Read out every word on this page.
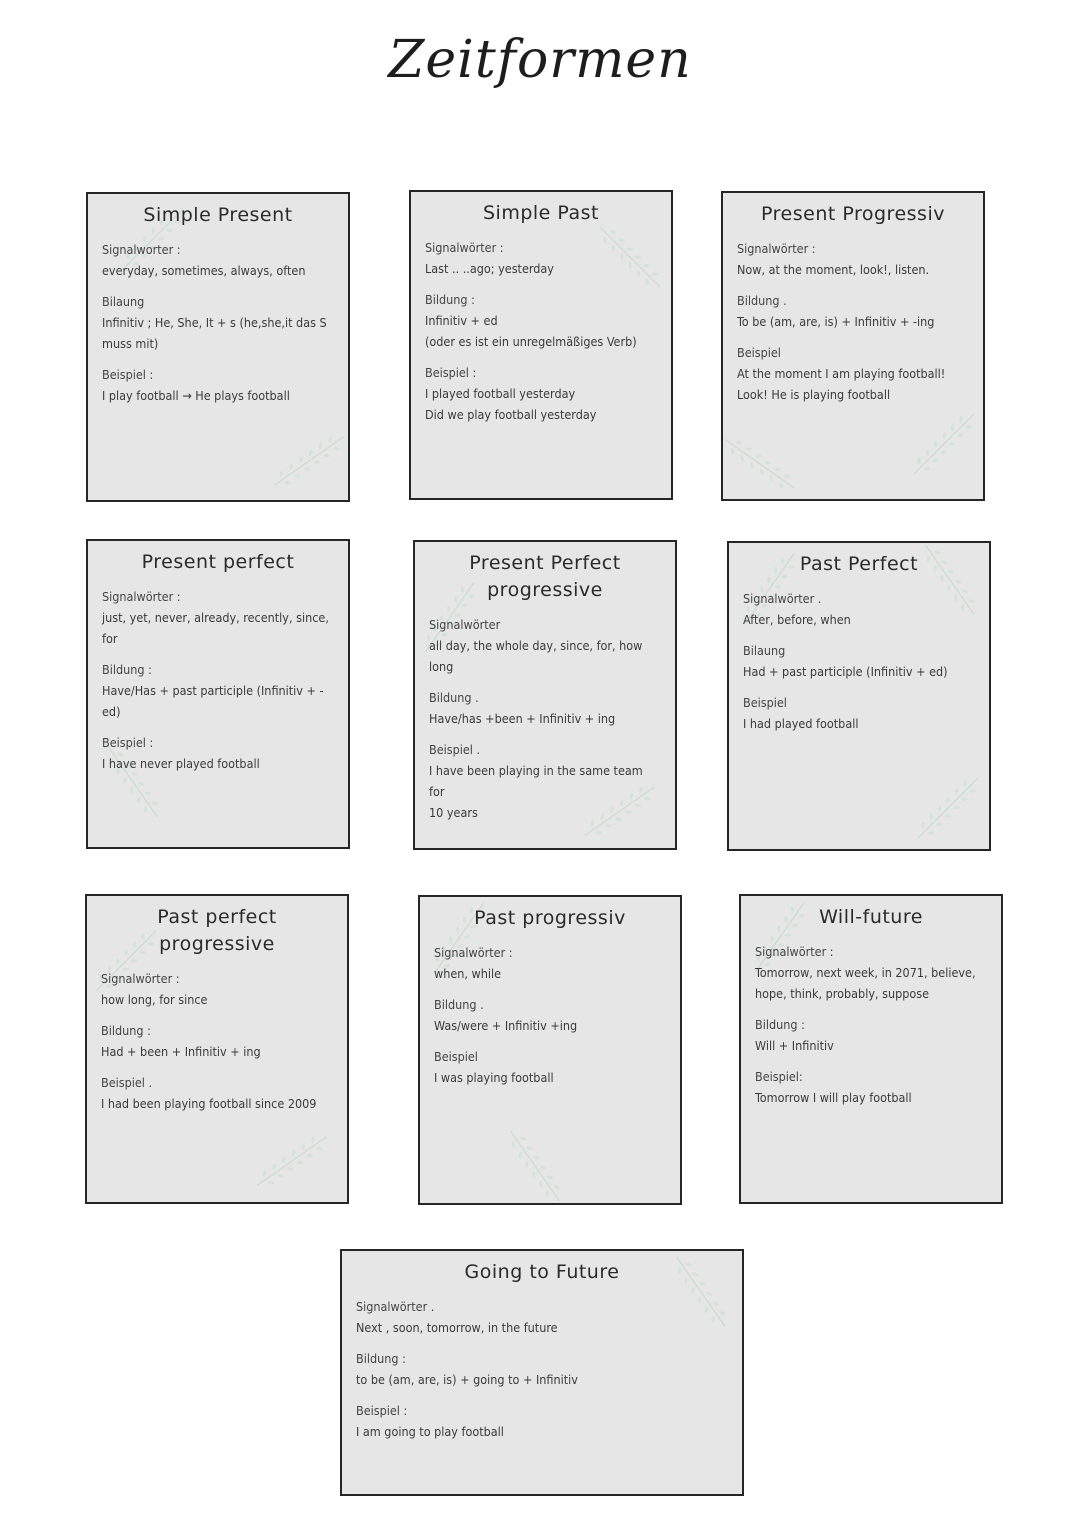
Zeitformen
Simple Present
Signalworter :
everyday, sometimes, always, often
Bilaung
Infinitiv ; He, She, It + s (he,she,it das S
muss mit)
Beispiel :
I play football → He plays football
Simple Past
Signalwörter :
Last .. ..ago; yesterday
Bildung :
Infinitiv + ed
(oder es ist ein unregelmäßiges Verb)
Beispiel :
I played football yesterday
Did we play football yesterday
Present Progressiv
Signalwörter :
Now, at the moment, look!, listen.
Bildung .
To be (am, are, is) + Infinitiv + -ing
Beispiel
At the moment I am playing football!
Look! He is playing football
Present perfect
Signalwörter :
just, yet, never, already, recently, since, for
Bildung :
Have/Has + past participle (Infinitiv + -ed)
Beispiel :
I have never played football
Present Perfect progressive
Signalwörter
all day, the whole day, since, for, how long
Bildung .
Have/has +been + Infinitiv + ing
Beispiel .
I have been playing in the same team for
10 years
Past Perfect
Signalwörter .
After, before, when
Bilaung
Had + past participle (Infinitiv + ed)
Beispiel
I had played football
Past perfect progressive
Signalwörter :
how long, for since
Bildung :
Had + been + Infinitiv + ing
Beispiel .
I had been playing football since 2009
Past progressiv
Signalwörter :
when, while
Bildung .
Was/were + Infinitiv +ing
Beispiel
I was playing football
Will-future
Signalwörter :
Tomorrow, next week, in 2071, believe,
hope, think, probably, suppose
Bildung :
Will + Infinitiv
Beispiel:
Tomorrow I will play football
Going to Future
Signalwörter .
Next , soon, tomorrow, in the future
Bildung :
to be (am, are, is) + going to + Infinitiv
Beispiel :
I am going to play football
